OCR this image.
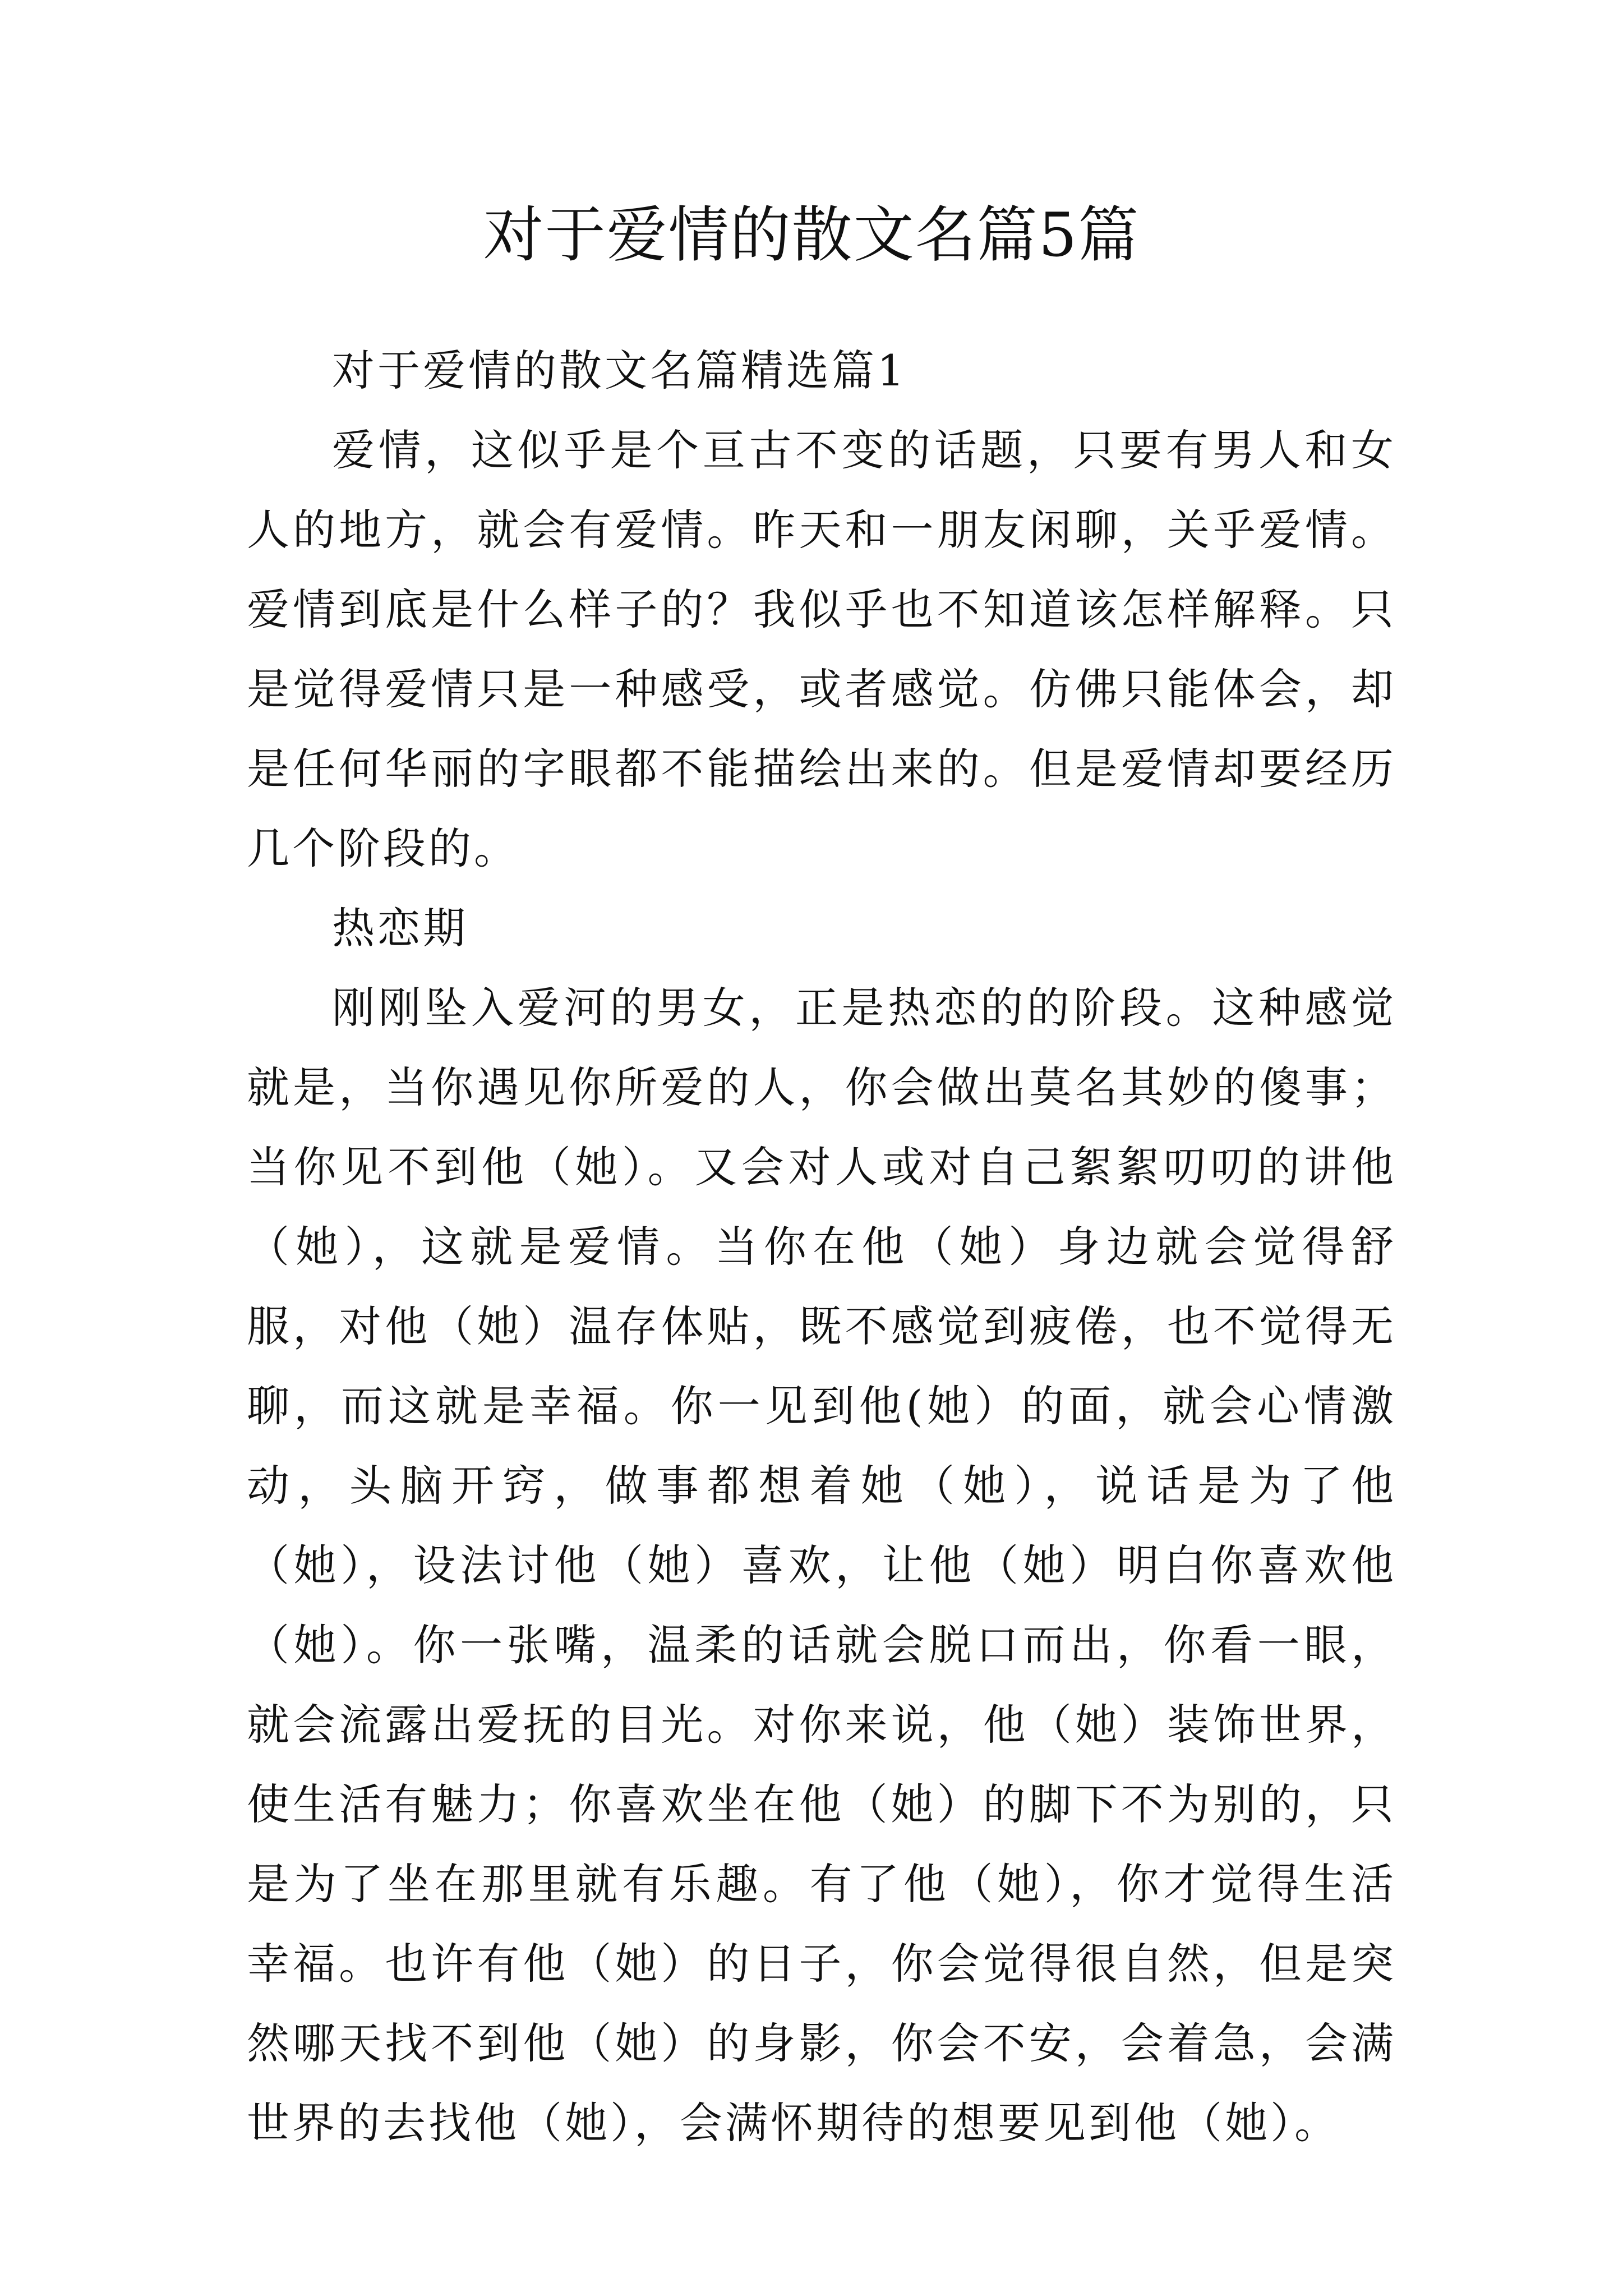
对于爱情的散文名篇5篇

对于爱情的散文名篇精选篇1

爱情，这似乎是个亘古不变的话题，只要有男人和女人的地方，就会有爱情。昨天和一朋友闲聊，关乎爱情。爱情到底是什么样子的？我似乎也不知道该怎样解释。只是觉得爱情只是一种感受，或者感觉。仿佛只能体会，却是任何华丽的字眼都不能描绘出来的。但是爱情却要经历几个阶段的。

热恋期

刚刚坠入爱河的男女，正是热恋的的阶段。这种感觉就是，当你遇见你所爱的人，你会做出莫名其妙的傻事；当你见不到他（她）。又会对人或对自己絮絮叨叨的讲他（她），这就是爱情。当你在他（她）身边就会觉得舒服，对他（她）温存体贴，既不感觉到疲倦，也不觉得无聊，而这就是幸福。你一见到他(她）的面，就会心情激动，头脑开窍，做事都想着她（她），说话是为了他（她），设法讨他（她）喜欢，让他（她）明白你喜欢他（她）。你一张嘴，温柔的话就会脱口而出，你看一眼，就会流露出爱抚的目光。对你来说，他（她）装饰世界，使生活有魅力；你喜欢坐在他（她）的脚下不为别的，只是为了坐在那里就有乐趣。有了他（她），你才觉得生活幸福。也许有他（她）的日子，你会觉得很自然，但是突然哪天找不到他（她）的身影，你会不安，会着急，会满世界的去找他（她），会满怀期待的想要见到他（她）。
